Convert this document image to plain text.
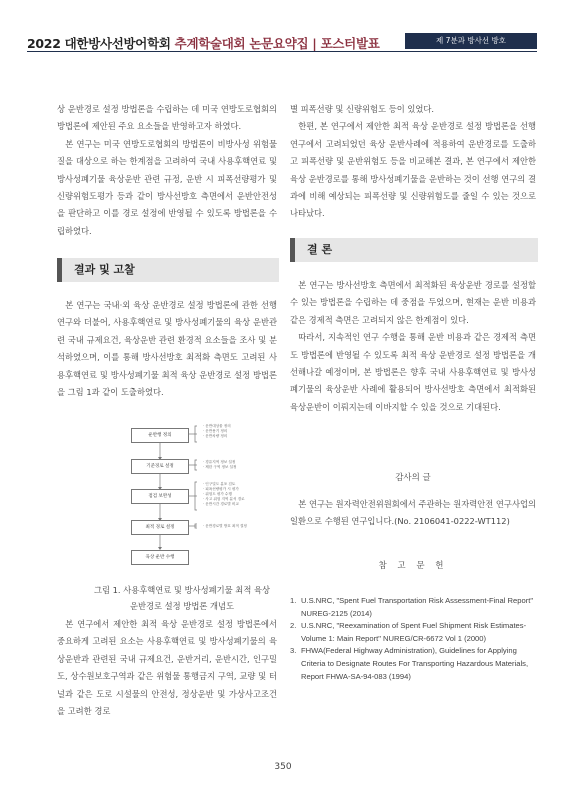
2022 대한방사선방어학회 추계학술대회 논문요약집 | 포스터발표	제 7분과 방사선 방호

상 운반경로 설정 방법론을 수립하는 데 미국 연방도로협회의 방법론에 제안된 주요 요소들을 반영하고자 하였다.

본 연구는 미국 연방도로협회의 방법론이 비방사성 위험물질을 대상으로 하는 한계점을 고려하여 국내 사용후핵연료 및 방사성폐기물 육상운반 관련 규정, 운반 시 피폭선량평가 및 신량위험도평가 등과 같이 방사선방호 측면에서 운반안전성을 판단하고 이를 경로 설정에 반영될 수 있도록 방법론을 수립하였다.

결과 및 고찰

본 연구는 국내·외 육상 운반경로 설정 방법론에 관한 선행 연구와 더불어, 사용후핵연료 및 방사성폐기물의 육상 운반관련 국내 규제요건, 육상운반 관련 환경적 요소들을 조사 및 분석하였으며, 이를 통해 방사선방호 최적화 측면도 고려된 사용후핵연료 및 방사성폐기물 최적 육상 운반경로 설정 방법론을 그림 1과 같이 도출하였다.

운반행 정의
기준경로 설정
점검 보완성
최적 경로 설정
육상 운반 수행
· 운반대상물 정의
· 운반용기 정의
· 운반차량 정의
· 경유지역 정보 설정
· 제한 구역 정보 설정
· 인구밀도 분포 검토
· 피폭선량평가 시 평가
· 위험도 평가 수행
· 사고 위험 지역 분석 경로
· 운반시간 경로별 비교
· 운반경로별 방호 최적 결정
그림 1. 사용후핵연료 및 방사성폐기물 최적 육상
운반경로 설정 방법론 개념도

본 연구에서 제안한 최적 육상 운반경로 설정 방법론에서 중요하게 고려된 요소는 사용후핵연료 및 방사성폐기물의 육상운반과 관련된 국내 규제요건, 운반거리, 운반시간, 인구밀도, 상수원보호구역과 같은 위험물 통행금지 구역, 교량 및 터널과 같은 도로 시설물의 안전성, 정상운반 및 가상사고조건을 고려한 경로

별 피폭선량 및 신량위험도 등이 있었다.

한편, 본 연구에서 제안한 최적 육상 운반경로 설정 방법론을 선행 연구에서 고려되었던 육상 운반사례에 적용하여 운반경로를 도출하고 피폭선량 및 운반위험도 등을 비교해본 결과, 본 연구에서 제안한 육상 운반경로를 통해 방사성폐기물을 운반하는 것이 선행 연구의 결과에 비해 예상되는 피폭선량 및 신량위험도를 줄일 수 있는 것으로 나타났다.

결 론

본 연구는 방사선방호 측면에서 최적화된 육상운반 경로를 설정할 수 있는 방법론을 수립하는 데 중점을 두었으며, 현재는 운반 비용과 같은 경제적 측면은 고려되지 않은 한계점이 있다.

따라서, 지속적인 연구 수행을 통해 운반 비용과 같은 경제적 측면도 방법론에 반영될 수 있도록 최적 육상 운반경로 설정 방법론을 개선해나갈 예정이며, 본 방법론은 향후 국내 사용후핵연료 및 방사성폐기물의 육상운반 사례에 활용되어 방사선방호 측면에서 최적화된 육상운반이 이뤄지는데 이바지할 수 있을 것으로 기대된다.

감사의 글

본 연구는 원자력안전위원회에서 주관하는 원자력안전 연구사업의 일환으로 수행된 연구입니다.(No. 2106041-0222-WT112)

참 고 문 헌
1. U.S.NRC, "Spent Fuel Transportation Risk Assessment-Final Report" NUREG-2125 (2014)
2. U.S.NRC, "Reexamination of Spent Fuel Shipment Risk Estimates-Volume 1: Main Report" NUREG/CR-6672 Vol 1 (2000)
3. FHWA(Federal Highway Administration), Guidelines for Applying Criteria to Designate Routes For Transporting Hazardous Materials, Report FHWA-SA-94-083 (1994)
350
